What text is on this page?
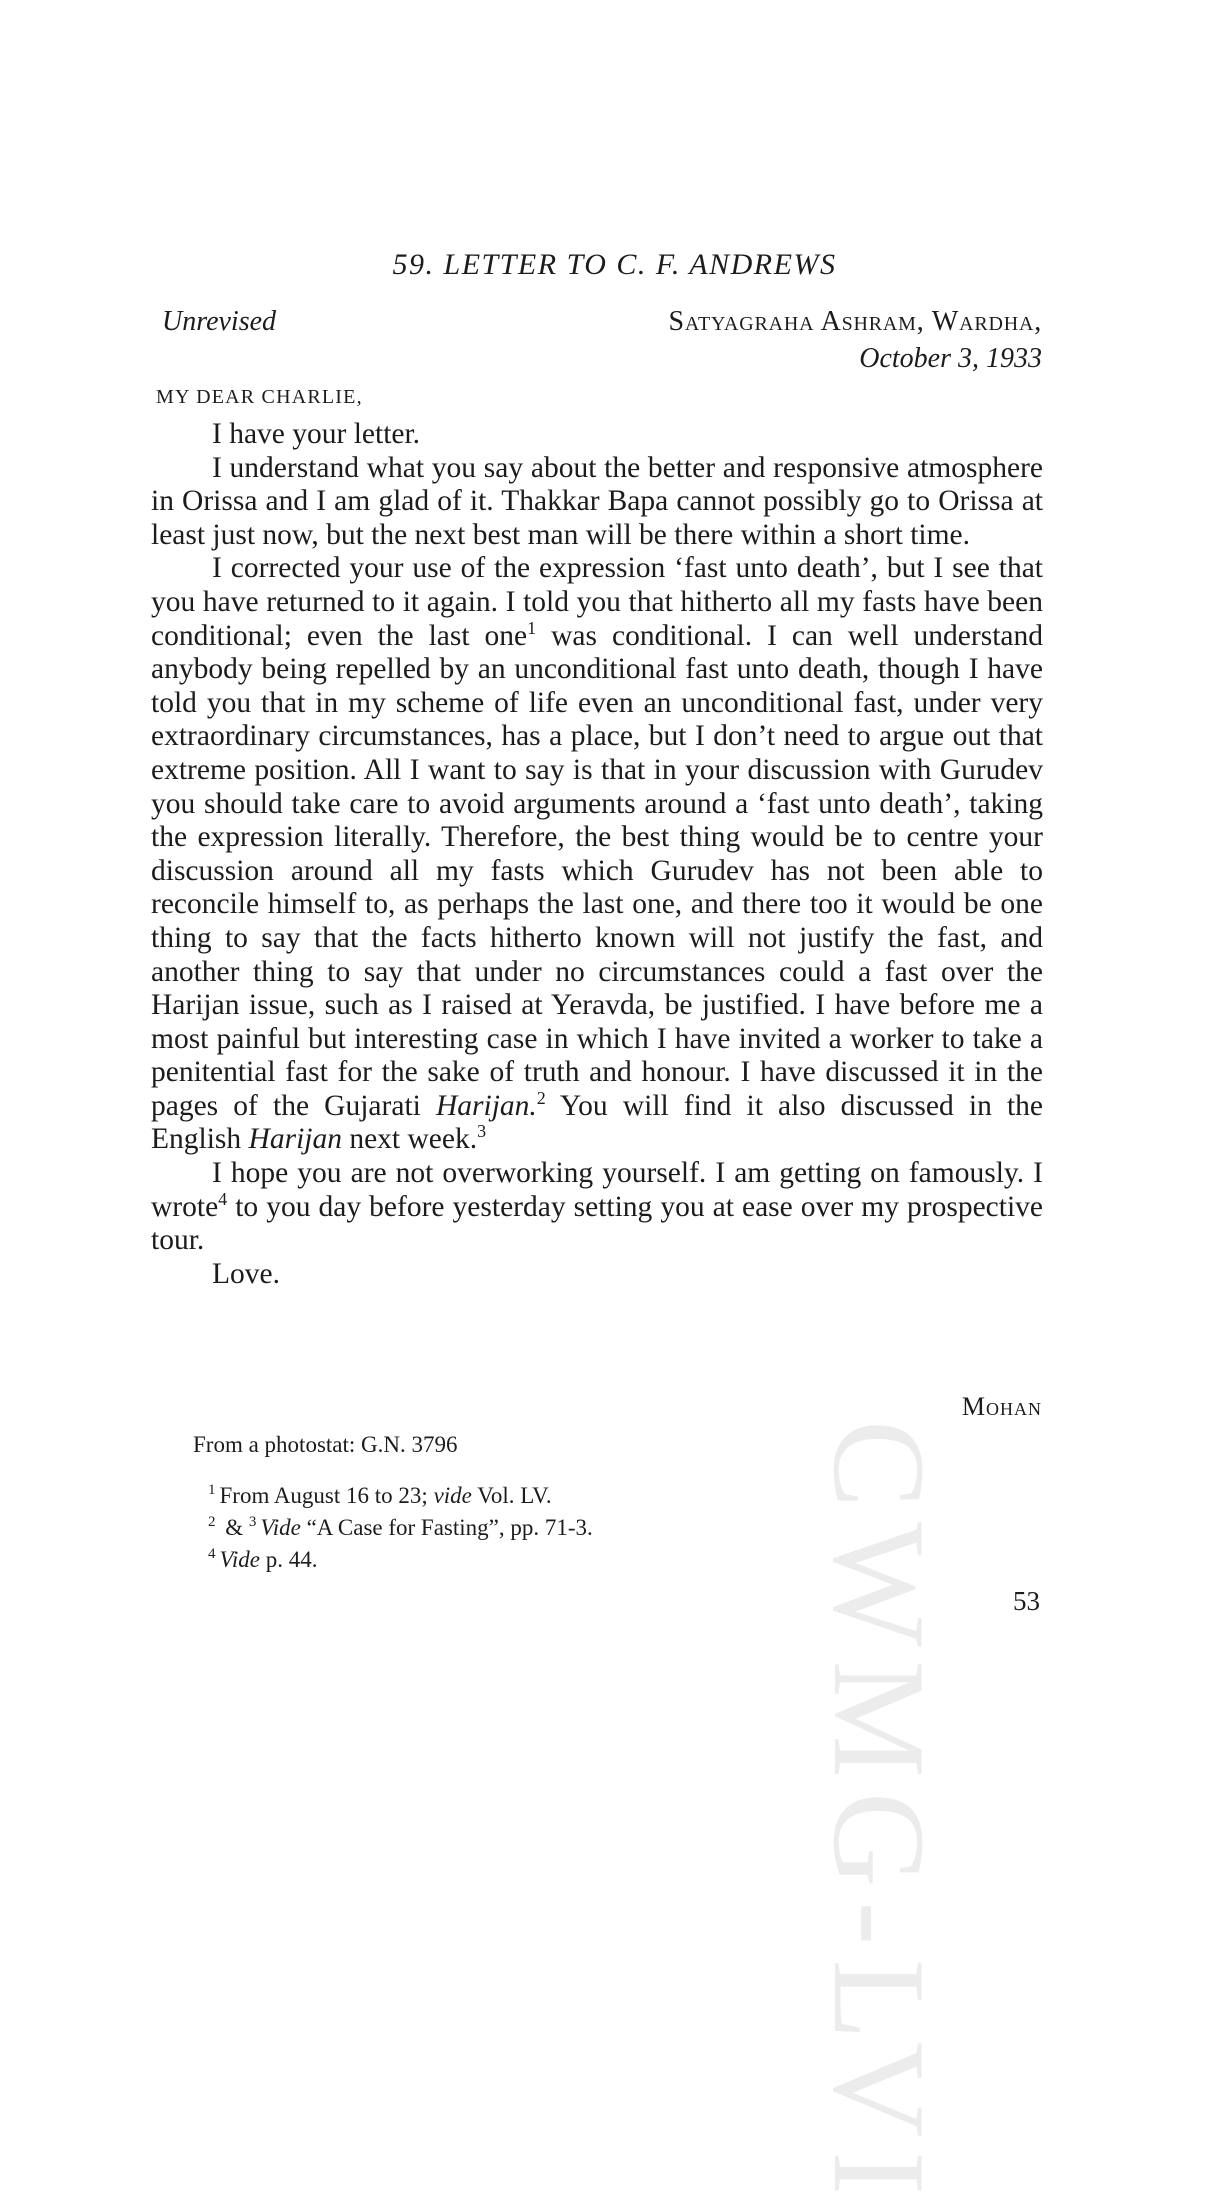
CWMG-LVI
59. LETTER TO C. F. ANDREWS
Unrevised	Satyagraha Ashram, Wardha,
October 3, 1933
MY DEAR CHARLIE,

I have your letter.

I understand what you say about the better and responsive atmosphere in Orissa and I am glad of it. Thakkar Bapa cannot possibly go to Orissa at least just now, but the next best man will be there within a short time.

I corrected your use of the expression ‘fast unto death’, but I see that you have returned to it again. I told you that hitherto all my fasts have been conditional; even the last one$^1$ was conditional. I can well understand anybody being repelled by an unconditional fast unto death, though I have told you that in my scheme of life even an unconditional fast, under very extraordinary circumstances, has a place, but I don’t need to argue out that extreme position. All I want to say is that in your discussion with Gurudev you should take care to avoid arguments around a ‘fast unto death’, taking the expression literally. Therefore, the best thing would be to centre your discussion around all my fasts which Gurudev has not been able to reconcile himself to, as perhaps the last one, and there too it would be one thing to say that the facts hitherto known will not justify the fast, and another thing to say that under no circumstances could a fast over the Harijan issue, such as I raised at Yeravda, be justified. I have before me a most painful but interesting case in which I have invited a worker to take a penitential fast for the sake of truth and honour. I have discussed it in the pages of the Gujarati Harijan.$^2$ You will find it also discussed in the English Harijan next week.$^3$

I hope you are not overworking yourself. I am getting on famously. I wrote$^4$ to you day before yesterday setting you at ease over my prospective tour.

Love.

Mohan
From a photostat: G.N. 3796
$^1$ From August 16 to 23; vide Vol. LV.
$^2$ & $^3$ Vide “A Case for Fasting”, pp. 71-3.
$^4$ Vide p. 44.
53
